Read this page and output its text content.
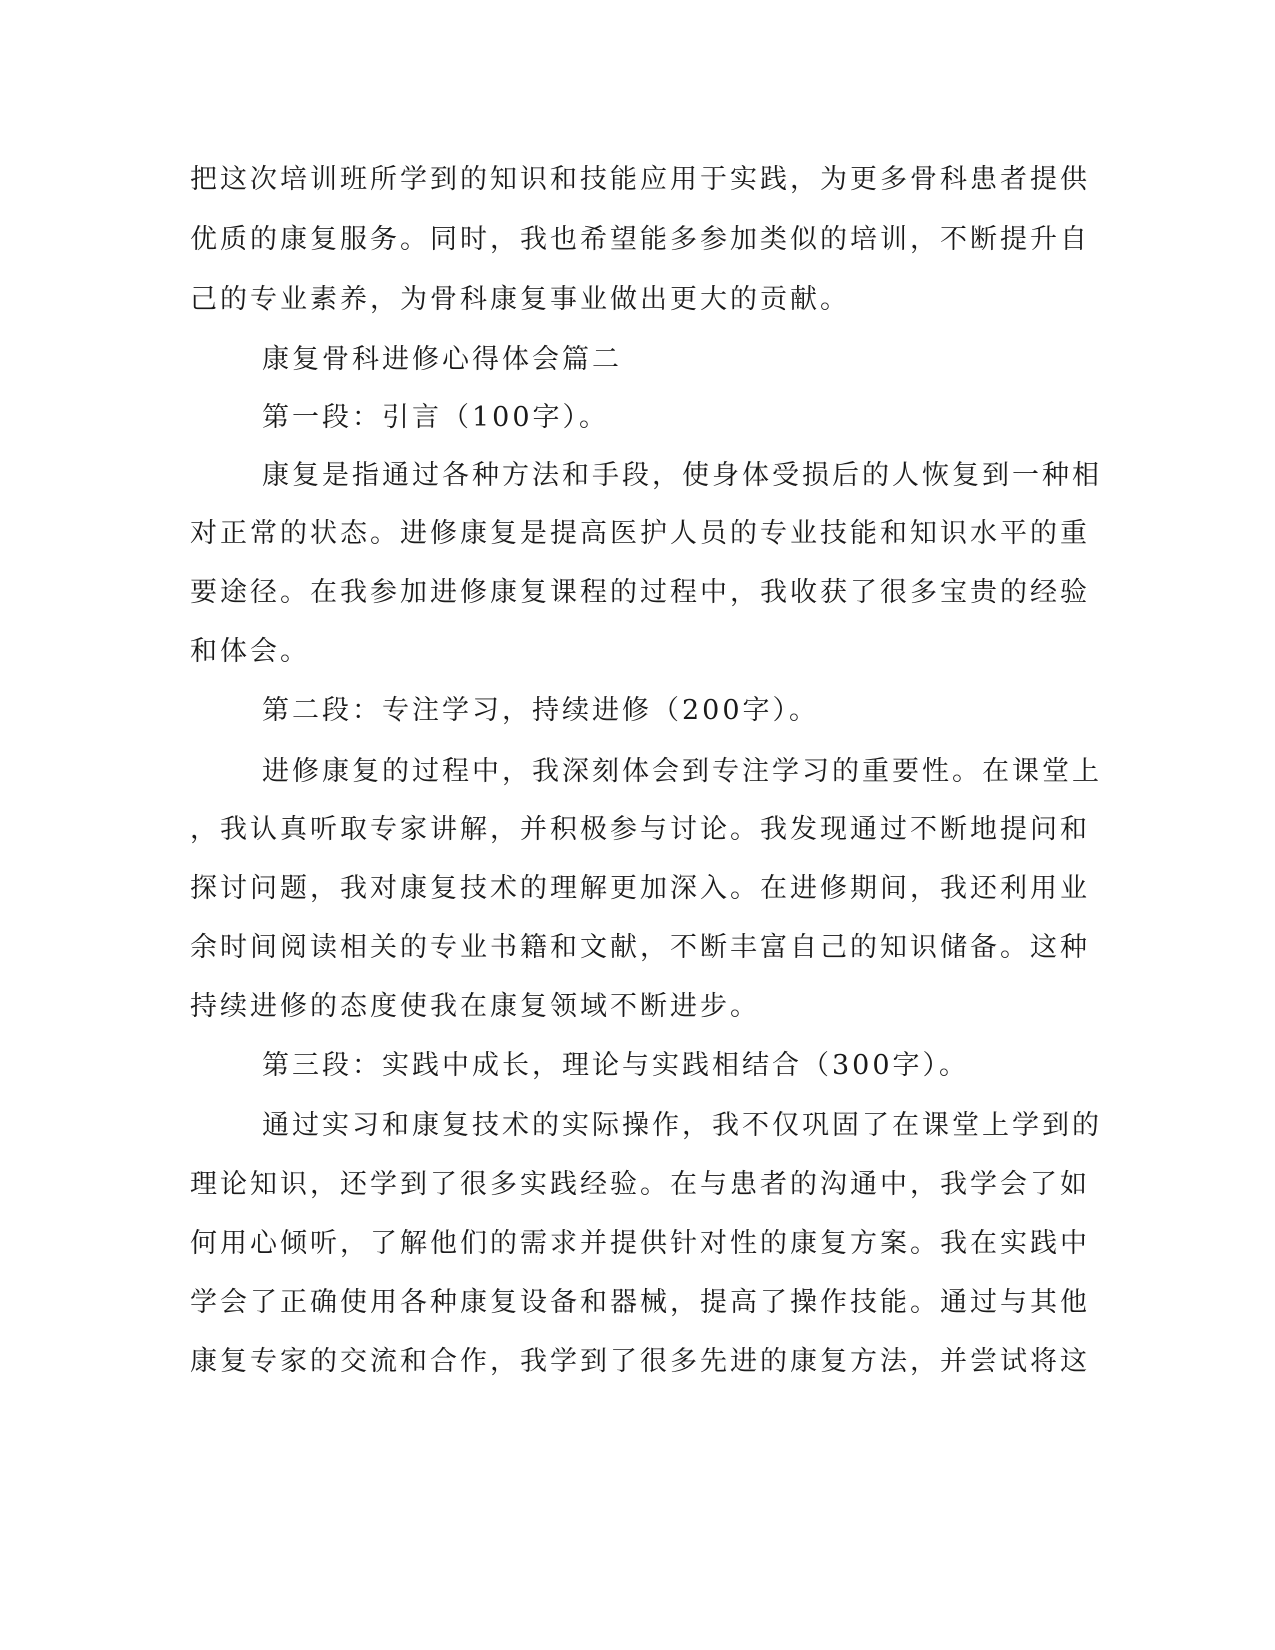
把这次培训班所学到的知识和技能应用于实践，为更多骨科患者提供
优质的康复服务。同时，我也希望能多参加类似的培训，不断提升自
己的专业素养，为骨科康复事业做出更大的贡献。
康复骨科进修心得体会篇二
第一段：引言（100字）。
康复是指通过各种方法和手段，使身体受损后的人恢复到一种相
对正常的状态。进修康复是提高医护人员的专业技能和知识水平的重
要途径。在我参加进修康复课程的过程中，我收获了很多宝贵的经验
和体会。
第二段：专注学习，持续进修（200字）。
进修康复的过程中，我深刻体会到专注学习的重要性。在课堂上
，我认真听取专家讲解，并积极参与讨论。我发现通过不断地提问和
探讨问题，我对康复技术的理解更加深入。在进修期间，我还利用业
余时间阅读相关的专业书籍和文献，不断丰富自己的知识储备。这种
持续进修的态度使我在康复领域不断进步。
第三段：实践中成长，理论与实践相结合（300字）。
通过实习和康复技术的实际操作，我不仅巩固了在课堂上学到的
理论知识，还学到了很多实践经验。在与患者的沟通中，我学会了如
何用心倾听，了解他们的需求并提供针对性的康复方案。我在实践中
学会了正确使用各种康复设备和器械，提高了操作技能。通过与其他
康复专家的交流和合作，我学到了很多先进的康复方法，并尝试将这
